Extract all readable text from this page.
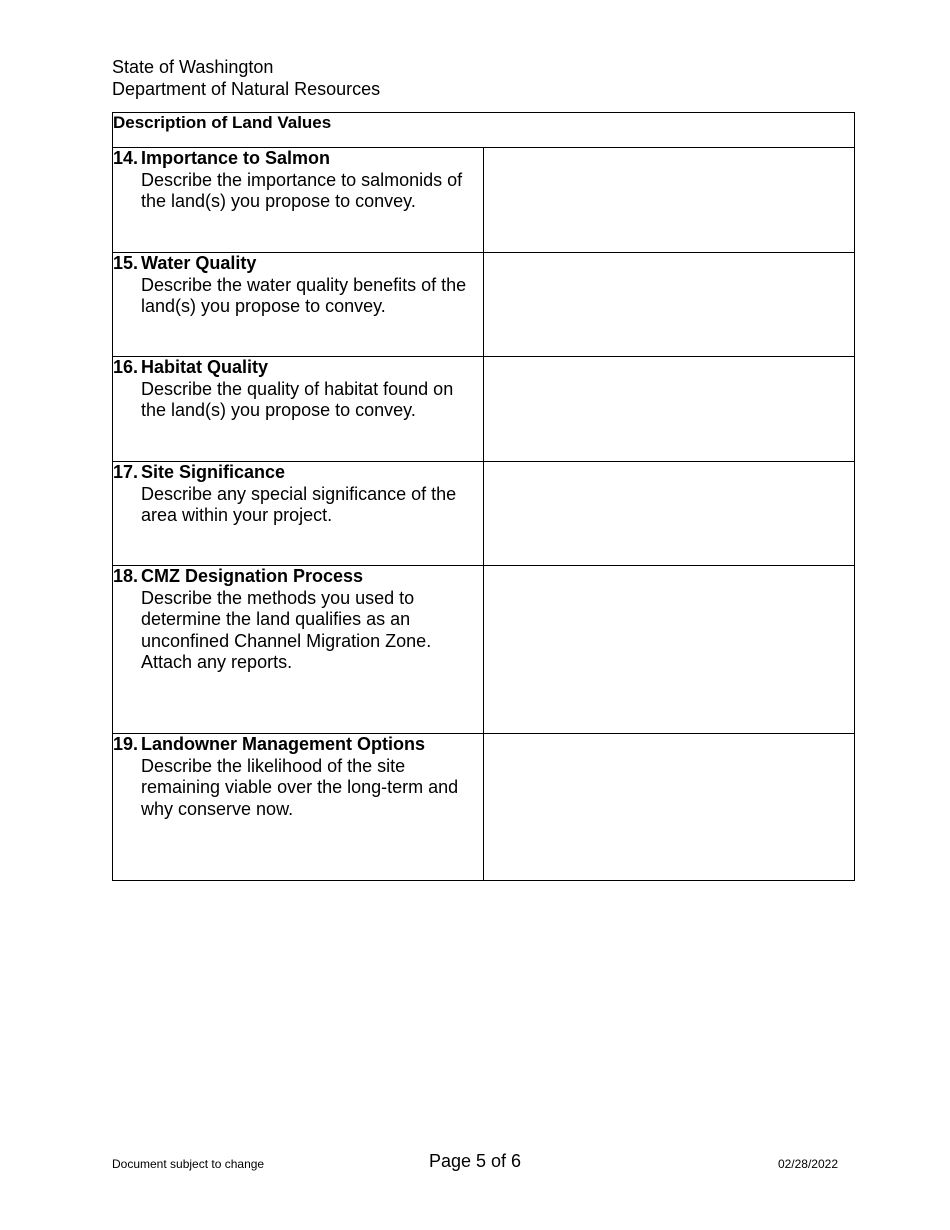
State of Washington
Department of Natural Resources
Description of Land Values	

14. Importance to Salmon
Describe the importance to salmonids of the land(s) you propose to convey.	

15. Water Quality
Describe the water quality benefits of the land(s) you propose to convey.	

16. Habitat Quality
Describe the quality of habitat found on the land(s) you propose to convey.	

17. Site Significance
Describe any special significance of the area within your project.	

18. CMZ Designation Process
Describe the methods you used to determine the land qualifies as an unconfined Channel Migration Zone. Attach any reports.	

19. Landowner Management Options
Describe the likelihood of the site remaining viable over the long-term and why conserve now.	

Document subject to change	Page 5 of 6	02/28/2022
